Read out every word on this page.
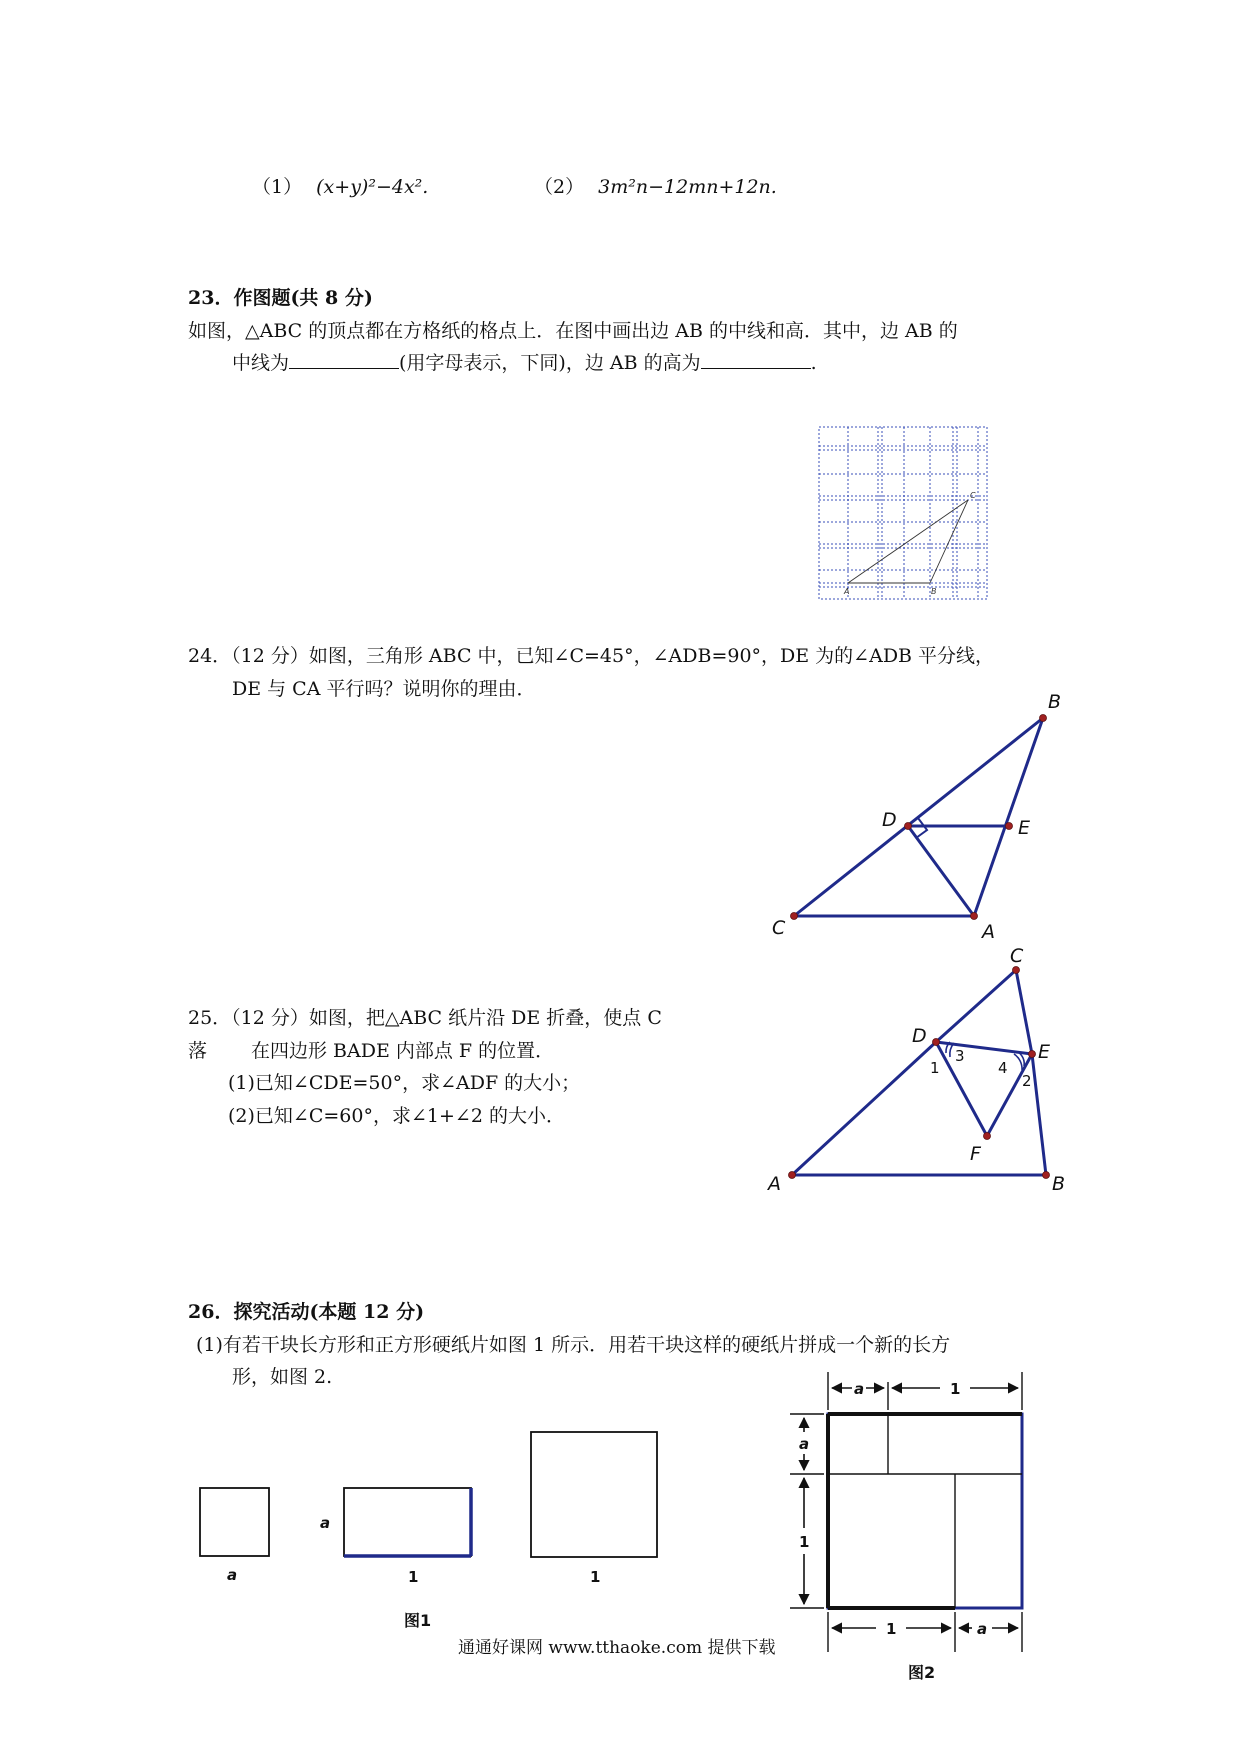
（1） (x+y)²−4x².	（2） 3m²n−12mn+12n.
23．作图题(共 8 分)
如图，△ABC 的顶点都在方格纸的格点上．在图中画出边 AB 的中线和高．其中，边 AB 的
中线为	(用字母表示，下同)，边 AB 的高为	.
A	B
C
24．（12 分）如图，三角形 ABC 中，已知∠C=45°，∠ADB=90°，DE 为的∠ADB 平分线，
DE 与 CA 平行吗？说明你的理由．
B
D	E
C	A
25．（12 分）如图，把△ABC 纸片沿 DE 折叠，使点 C
落 在四边形 BADE 内部点 F 的位置．
(1)已知∠CDE=50°，求∠ADF 的大小；
(2)已知∠C=60°，求∠1+∠2 的大小．
C
D
E
F
A	B
1
3
4
2
26．探究活动(本题 12 分)
(1)有若干块长方形和正方形硬纸片如图 1 所示．用若干块这样的硬纸片拼成一个新的长方
形，如图 2.
a
a
1	1
图1
a	1
a
1
1	a
图2
通通好课网 www.tthaoke.com 提供下载
